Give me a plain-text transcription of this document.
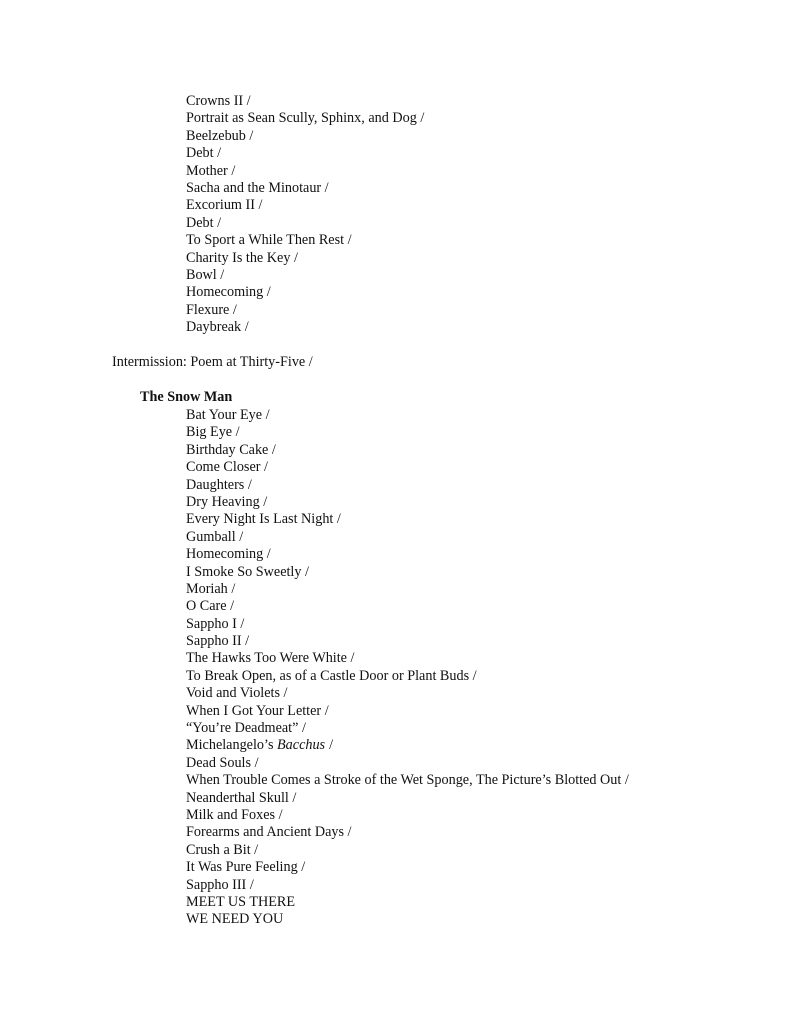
Crowns II /
Portrait as Sean Scully, Sphinx, and Dog /
Beelzebub /
Debt /
Mother /
Sacha and the Minotaur /
Excorium II /
Debt /
To Sport a While Then Rest /
Charity Is the Key /
Bowl /
Homecoming /
Flexure /
Daybreak /
Intermission: Poem at Thirty-Five /
The Snow Man
Bat Your Eye /
Big Eye /
Birthday Cake /
Come Closer /
Daughters /
Dry Heaving /
Every Night Is Last Night /
Gumball /
Homecoming /
I Smoke So Sweetly /
Moriah /
O Care /
Sappho I /
Sappho II /
The Hawks Too Were White /
To Break Open, as of a Castle Door or Plant Buds /
Void and Violets /
When I Got Your Letter /
“You’re Deadmeat” /
Michelangelo’s Bacchus /
Dead Souls /
When Trouble Comes a Stroke of the Wet Sponge, The Picture’s Blotted Out /
Neanderthal Skull /
Milk and Foxes /
Forearms and Ancient Days /
Crush a Bit /
It Was Pure Feeling /
Sappho III /
MEET US THERE
WE NEED YOU
